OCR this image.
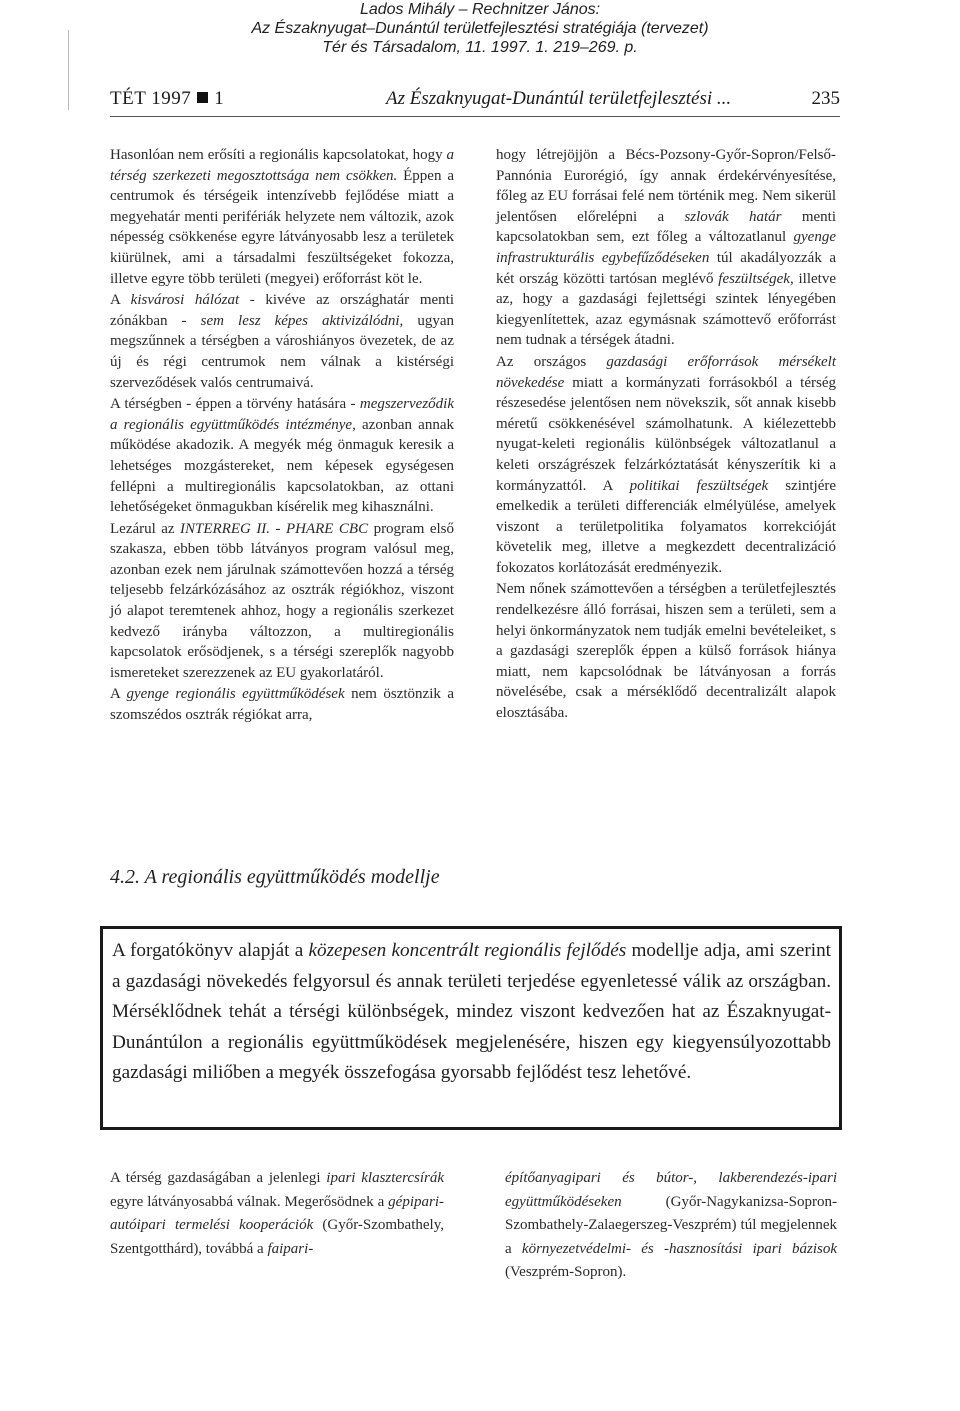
Lados Mihály – Rechnitzer János:
Az Északnyugat–Dunántúl területfejlesztési stratégiája (tervezet)
Tér és Társadalom, 11. 1997. 1. 219–269. p.
TÉT 1997 1	Az Északnyugat-Dunántúl területfejlesztési ...	235

Hasonlóan nem erősíti a regionális kapcsolatokat, hogy a térség szerkezeti megosztottsága nem csökken. Éppen a centrumok és térségeik intenzívebb fejlődése miatt a megyehatár menti perifériák helyzete nem változik, azok népesség csökkenése egyre látványosabb lesz a területek kiürülnek, ami a társadalmi feszültségeket fokozza, illetve egyre több területi (megyei) erőforrást köt le.

A kisvárosi hálózat - kivéve az országhatár menti zónákban - sem lesz képes aktivizálódni, ugyan megszűnnek a térségben a városhiányos övezetek, de az új és régi centrumok nem válnak a kistérségi szerveződések valós centrumaivá.

A térségben - éppen a törvény hatására - megszerveződik a regionális együttműködés intézménye, azonban annak működése akadozik. A megyék még önmaguk keresik a lehetséges mozgástereket, nem képesek egységesen fellépni a multiregionális kapcsolatokban, az ottani lehetőségeket önmagukban kísérelik meg kihasználni.

Lezárul az INTERREG II. - PHARE CBC program első szakasza, ebben több látványos program valósul meg, azonban ezek nem járulnak számottevően hozzá a térség teljesebb felzárkózásához az osztrák régiókhoz, viszont jó alapot teremtenek ahhoz, hogy a regionális szerkezet kedvező irányba változzon, a multiregionális kapcsolatok erősödjenek, s a térségi szereplők nagyobb ismereteket szerezzenek az EU gyakorlatáról.

A gyenge regionális együttműködések nem ösztönzik a szomszédos osztrák régiókat arra,

hogy létrejöjjön a Bécs-Pozsony-Győr-Sopron/Felső-Pannónia Eurorégió, így annak érdekérvényesítése, főleg az EU forrásai felé nem történik meg. Nem sikerül jelentősen előrelépni a szlovák határ menti kapcsolatokban sem, ezt főleg a változatlanul gyenge infrastrukturális egybefűződéseken túl akadályozzák a két ország közötti tartósan meglévő feszültségek, illetve az, hogy a gazdasági fejlettségi szintek lényegében kiegyenlítettek, azaz egymásnak számottevő erőforrást nem tudnak a térségek átadni.

Az országos gazdasági erőforrások mérsékelt növekedése miatt a kormányzati forrásokból a térség részesedése jelentősen nem növekszik, sőt annak kisebb méretű csökkenésével számolhatunk. A kiélezettebb nyugat-keleti regionális különbségek változatlanul a keleti országrészek felzárkóztatását kényszerítik ki a kormányzattól. A politikai feszültségek szintjére emelkedik a területi differenciák elmélyülése, amelyek viszont a területpolitika folyamatos korrekcióját követelik meg, illetve a megkezdett decentralizáció fokozatos korlátozását eredményezik.

Nem nőnek számottevően a térségben a területfejlesztés rendelkezésre álló forrásai, hiszen sem a területi, sem a helyi önkormányzatok nem tudják emelni bevételeiket, s a gazdasági szereplők éppen a külső források hiánya miatt, nem kapcsolódnak be látványosan a forrás növelésébe, csak a mérséklődő decentralizált alapok elosztásába.

4.2. A regionális együttműködés modellje

A forgatókönyv alapját a közepesen koncentrált regionális fejlődés modellje adja, ami szerint a gazdasági növekedés felgyorsul és annak területi terjedése egyenletessé válik az országban. Mérséklődnek tehát a térségi különbségek, mindez viszont kedvezően hat az Északnyugat-Dunántúlon a regionális együttműködések megjelenésére, hiszen egy kiegyensúlyozottabb gazdasági miliőben a megyék összefogása gyorsabb fejlődést tesz lehetővé.

A térség gazdaságában a jelenlegi ipari klasztercsírák egyre látványosabbá válnak. Megerősödnek a gépipari-autóipari termelési kooperációk (Győr-Szombathely, Szentgotthárd), továbbá a faipari-

építőanyagipari és bútor-, lakberendezés-ipari együttműködéseken (Győr-Nagykanizsa-Sopron-Szombathely-Zalaegerszeg-Veszprém) túl megjelennek a környezetvédelmi- és -hasznosítási ipari bázisok (Veszprém-Sopron).
